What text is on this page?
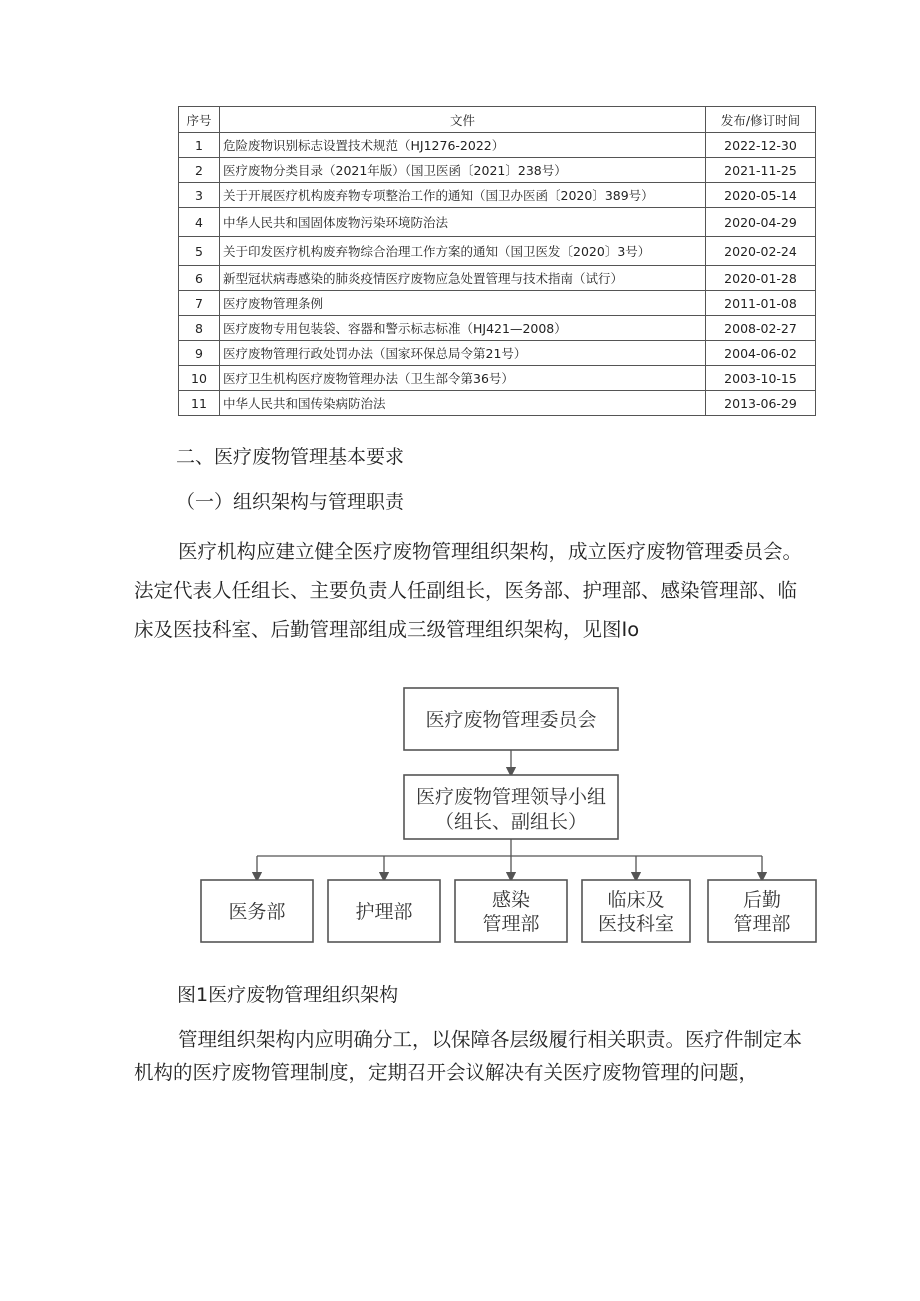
序号	文件	发布/修订时间
1	危险废物识别标志设置技术规范（HJ1276-2022）	2022-12-30
2	医疗废物分类目录（2021年版）（国卫医函〔2021〕238号）	2021-11-25
3	关于开展医疗机构废弃物专项整治工作的通知（国卫办医函〔2020〕389号）	2020-05-14
4	中华人民共和国固体废物污染环境防治法	2020-04-29
5	关于印发医疗机构废弃物综合治理工作方案的通知（国卫医发〔2020〕3号）	2020-02-24
6	新型冠状病毒感染的肺炎疫情医疗废物应急处置管理与技术指南（试行）	2020-01-28
7	医疗废物管理条例	2011-01-08
8	医疗废物专用包装袋、容器和警示标志标准（HJ421—2008）	2008-02-27
9	医疗废物管理行政处罚办法（国家环保总局令第21号）	2004-06-02
10	医疗卫生机构医疗废物管理办法（卫生部令第36号）	2003-10-15
11	中华人民共和国传染病防治法	2013-06-29
二、医疗废物管理基本要求
（一）组织架构与管理职责

医疗机构应建立健全医疗废物管理组织架构，成立医疗废物管理委员会。法定代表人任组长、主要负责人任副组长，医务部、护理部、感染管理部、临床及医技科室、后勤管理部组成三级管理组织架构，见图Io

医疗废物管理委员会
医疗废物管理领导小组
（组长、副组长）
医务部	护理部
感染
管理部
临床及
医技科室
后勤
管理部
图1医疗废物管理组织架构

管理组织架构内应明确分工，以保障各层级履行相关职责。医疗件制定本机构的医疗废物管理制度，定期召开会议解决有关医疗废物管理的问题，
